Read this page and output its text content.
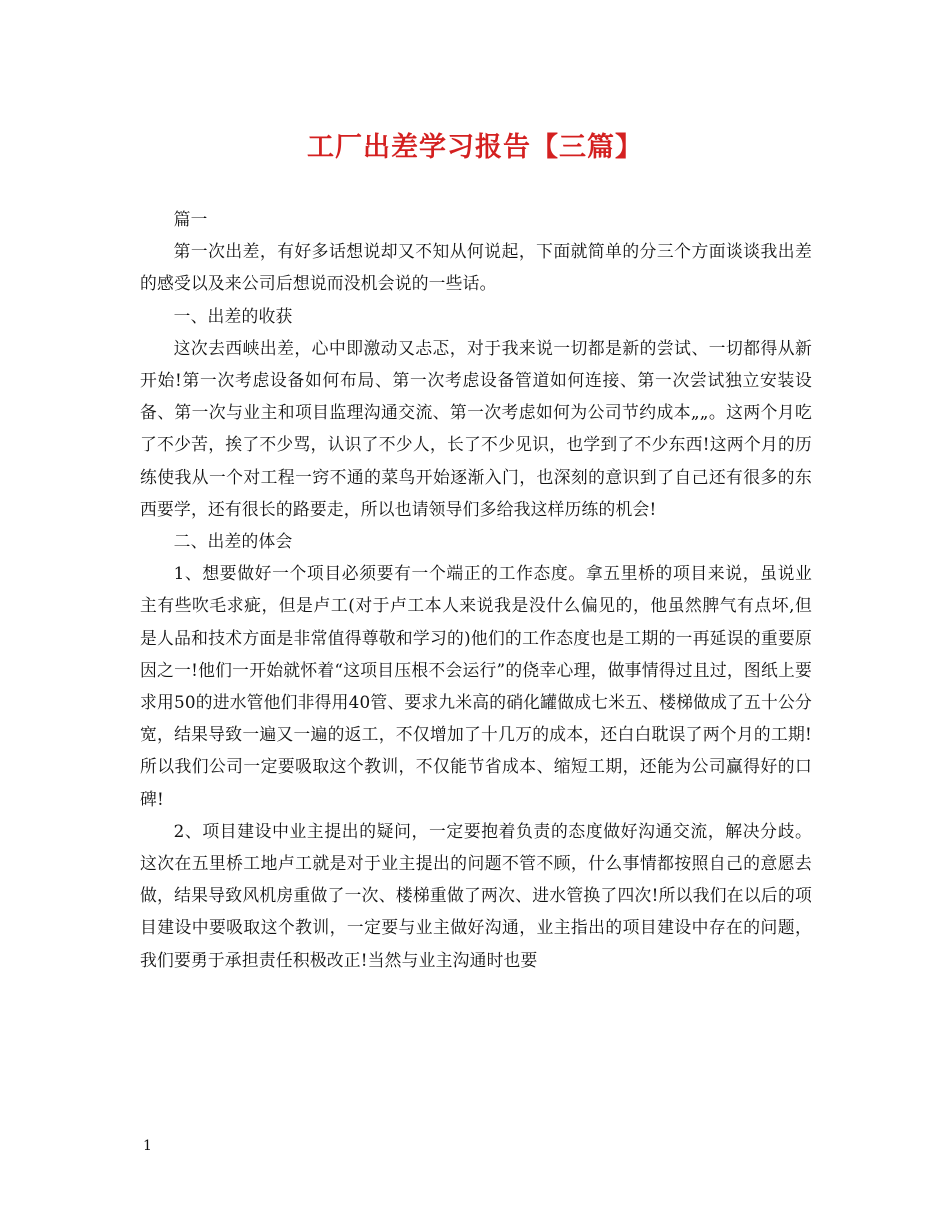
工厂出差学习报告【三篇】

篇一

第一次出差，有好多话想说却又不知从何说起，下面就简单的分三个方面谈谈我出差的感受以及来公司后想说而没机会说的一些话。

一、出差的收获

这次去西峡出差，心中即激动又忐忑，对于我来说一切都是新的尝试、一切都得从新开始!第一次考虑设备如何布局、第一次考虑设备管道如何连接、第一次尝试独立安装设备、第一次与业主和项目监理沟通交流、第一次考虑如何为公司节约成本„„。这两个月吃了不少苦，挨了不少骂，认识了不少人，长了不少见识，也学到了不少东西!这两个月的历练使我从一个对工程一窍不通的菜鸟开始逐渐入门，也深刻的意识到了自己还有很多的东西要学，还有很长的路要走，所以也请领导们多给我这样历练的机会!

二、出差的体会

1、想要做好一个项目必须要有一个端正的工作态度。拿五里桥的项目来说，虽说业主有些吹毛求疵，但是卢工(对于卢工本人来说我是没什么偏见的，他虽然脾气有点坏,但是人品和技术方面是非常值得尊敬和学习的)他们的工作态度也是工期的一再延误的重要原因之一!他们一开始就怀着“这项目压根不会运行”的侥幸心理，做事情得过且过，图纸上要求用50的进水管他们非得用40管、要求九米高的硝化罐做成七米五、楼梯做成了五十公分宽，结果导致一遍又一遍的返工，不仅增加了十几万的成本，还白白耽误了两个月的工期!所以我们公司一定要吸取这个教训，不仅能节省成本、缩短工期，还能为公司赢得好的口碑!

2、项目建设中业主提出的疑问，一定要抱着负责的态度做好沟通交流，解决分歧。这次在五里桥工地卢工就是对于业主提出的问题不管不顾，什么事情都按照自己的意愿去做，结果导致风机房重做了一次、楼梯重做了两次、进水管换了四次!所以我们在以后的项目建设中要吸取这个教训，一定要与业主做好沟通，业主指出的项目建设中存在的问题，我们要勇于承担责任积极改正!当然与业主沟通时也要

1
